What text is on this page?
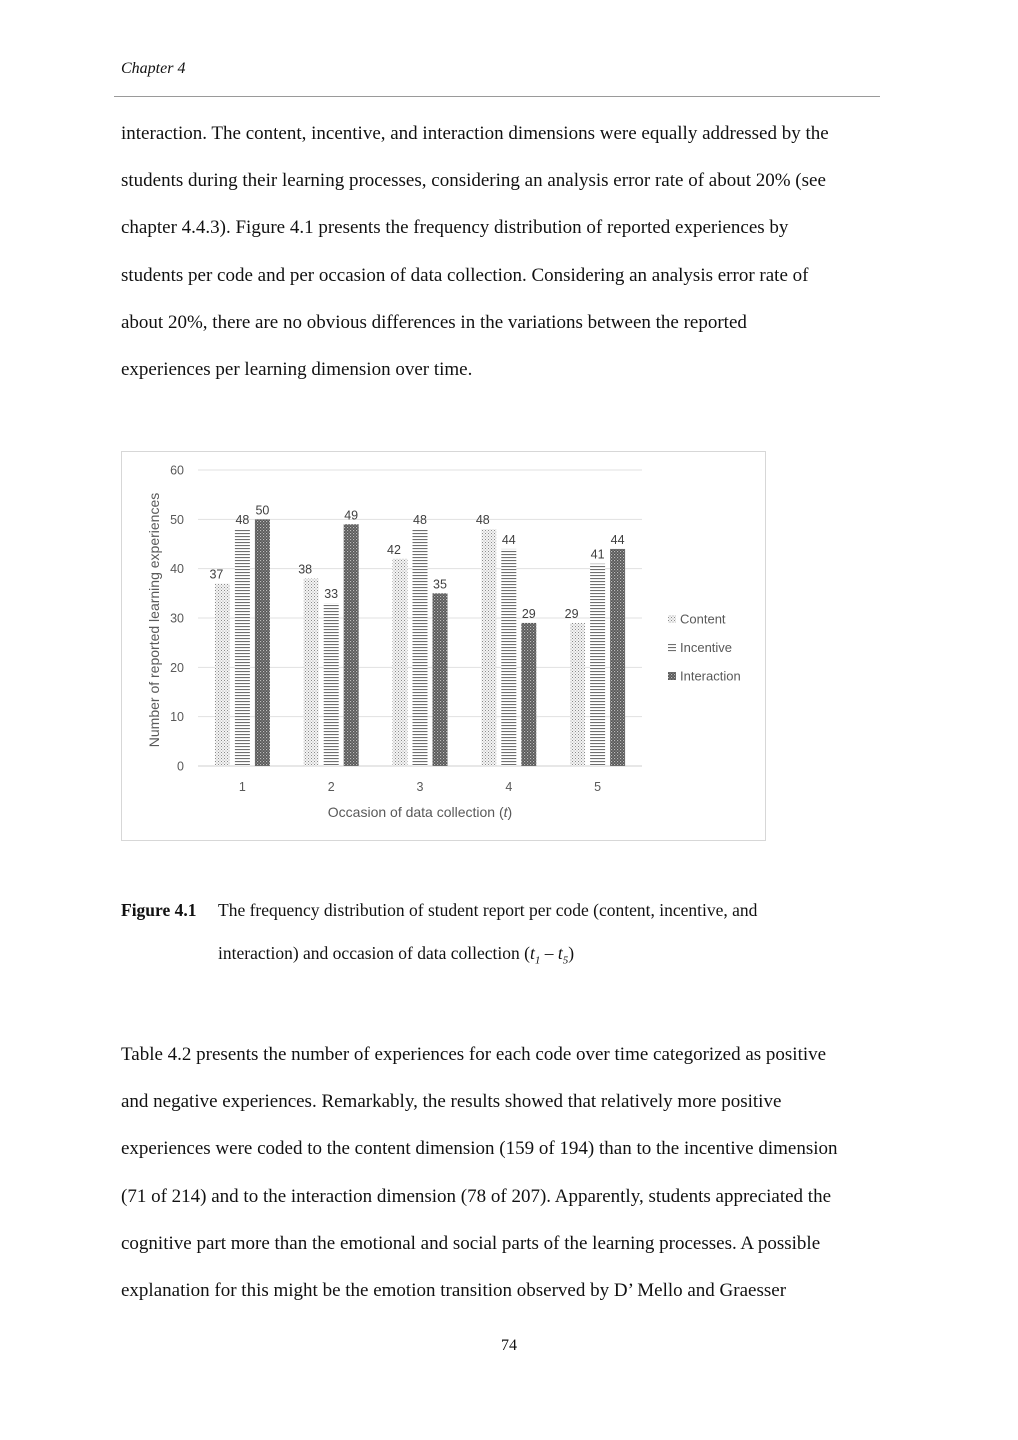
Chapter 4

interaction. The content, incentive, and interaction dimensions were equally addressed by the
students during their learning processes, considering an analysis error rate of about 20% (see
chapter 4.4.3). Figure 4.1 presents the frequency distribution of reported experiences by
students per code and per occasion of data collection. Considering an analysis error rate of
about 20%, there are no obvious differences in the variations between the reported
experiences per learning dimension over time.

37
48
50
38
33
49
42
48
35
48
44
29 29
41
44
0
10
20
30
40
50
60
1	2	3	4	5
Occasion of data collection (t)
Number of reported learning experiences	Content
Incentive
Interaction
Figure 4.1 The frequency distribution of student report per code (content, incentive, and
interaction) and occasion of data collection $(t_1 - t_5)$

Table 4.2 presents the number of experiences for each code over time categorized as positive
and negative experiences. Remarkably, the results showed that relatively more positive
experiences were coded to the content dimension (159 of 194) than to the incentive dimension
(71 of 214) and to the interaction dimension (78 of 207). Apparently, students appreciated the
cognitive part more than the emotional and social parts of the learning processes. A possible
explanation for this might be the emotion transition observed by D’ Mello and Graesser

74
